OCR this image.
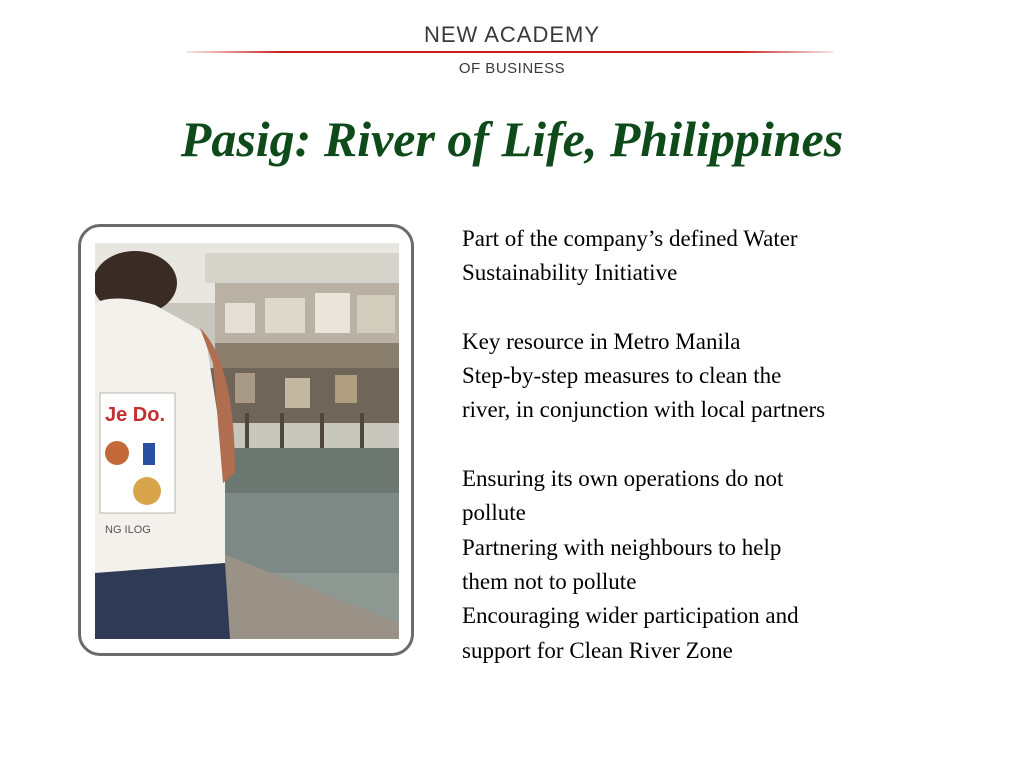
NEW ACADEMY
OF BUSINESS
Pasig: River of Life, Philippines
Je Do.
NG ILOG
Part of the company’s defined Water
Sustainability Initiative
Key resource in Metro Manila
Step-by-step measures to clean the
river, in conjunction with local partners
Ensuring its own operations do not
pollute
Partnering with neighbours to help
them not to pollute
Encouraging wider participation and
support for Clean River Zone
